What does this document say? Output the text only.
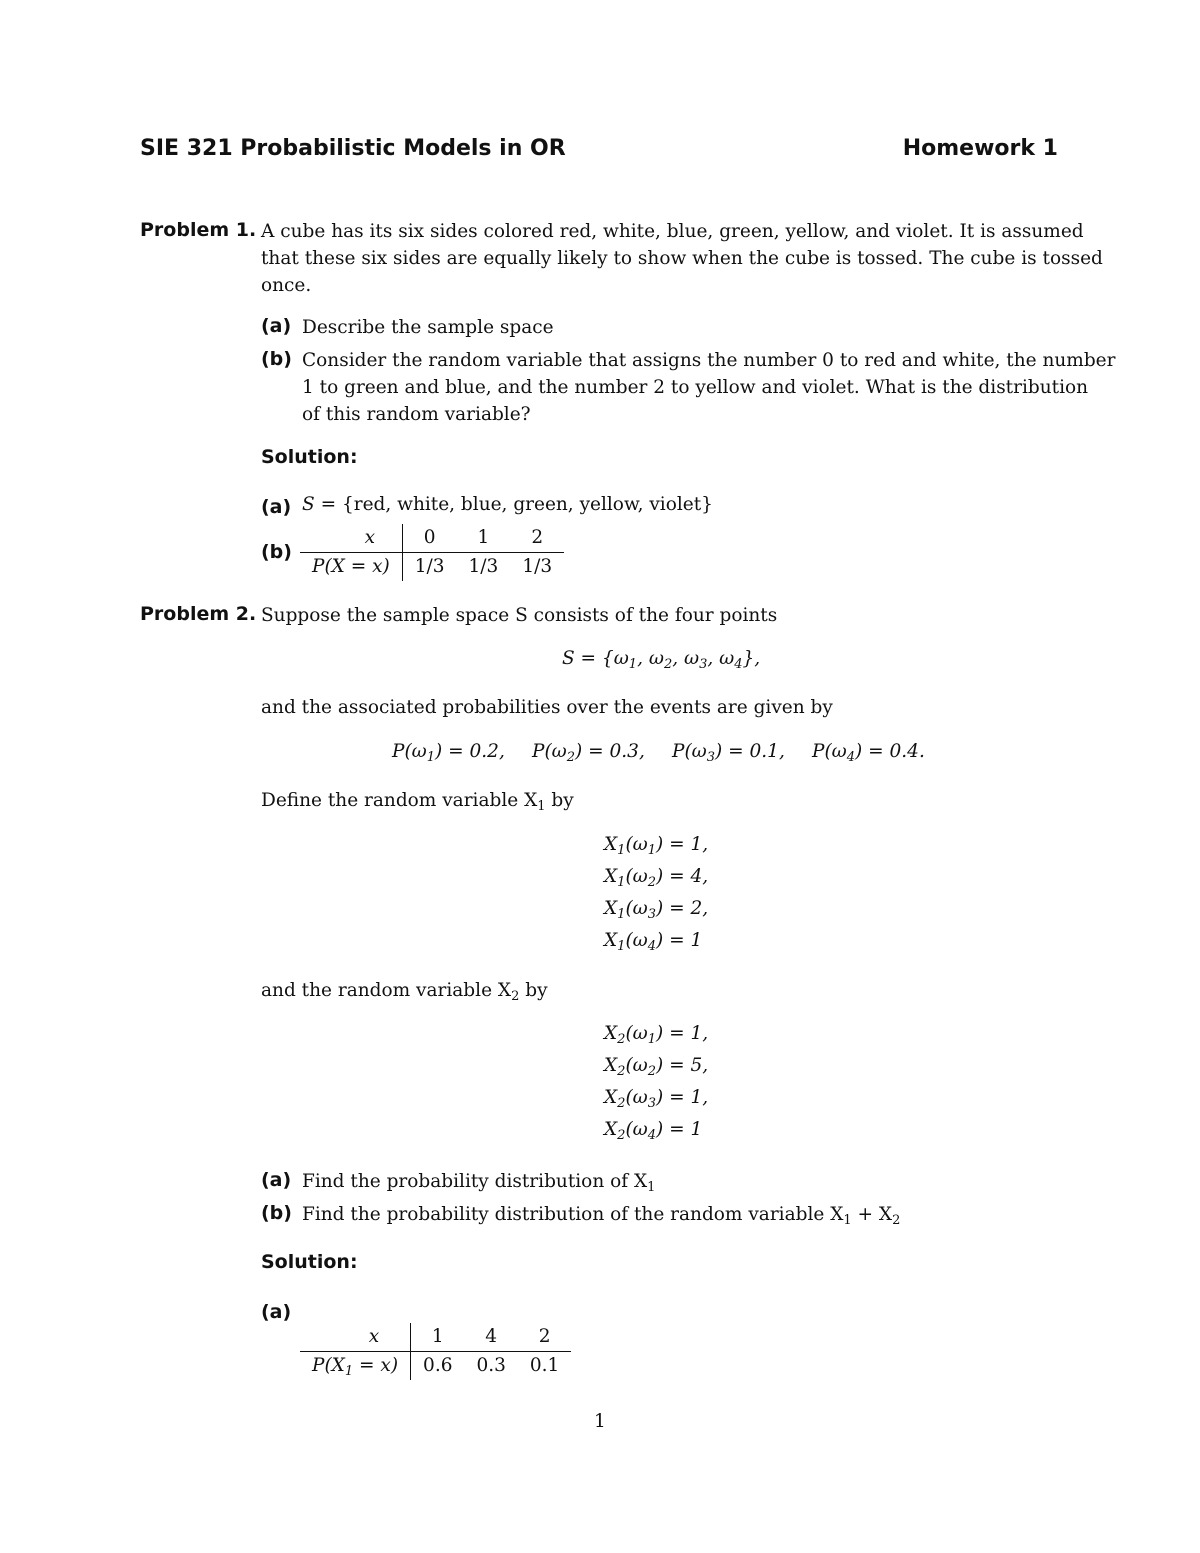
SIE 321 Probabilistic Models in OR	Homework 1
Problem 1. A cube has its six sides colored red, white, blue, green, yellow, and violet. It is assumed
that these six sides are equally likely to show when the cube is tossed. The cube is tossed
once.
(a) Describe the sample space
(b) Consider the random variable that assigns the number 0 to red and white, the number
1 to green and blue, and the number 2 to yellow and violet. What is the distribution
of this random variable?
Solution:
(a) S = {red, white, blue, green, yellow, violet}
(b)
x	0	1	2
P(X = x)	1/3	1/3	1/3
Problem 2. Suppose the sample space S consists of the four points
$S = \{\omega_1$, $\omega_2$, $\omega_3$, $\omega_4$},
and the associated probabilities over the events are given by
$P(\omega_1) = 0.2$, $P(\omega_2) = 0.3$, $P(\omega_3) = 0.1$, $P(\omega_4) = 0.4$.
Define the random variable $X_1$ by
$X_1(\omega_1) = 1$,
$X_1(\omega_2) = 4$,
$X_1(\omega_3) = 2$,
$X_1(\omega_4) = 1$
and the random variable $X_2$ by
$X_2(\omega_1) = 1$,
$X_2(\omega_2) = 5$,
$X_2(\omega_3) = 1$,
$X_2(\omega_4) = 1$
(a) Find the probability distribution of $X_1$
(b) Find the probability distribution of the random variable $X_1 + X_2$
Solution:
(a)
x	1	4	2
$P(X_1 = x)$	0.6	0.3	0.1
1
